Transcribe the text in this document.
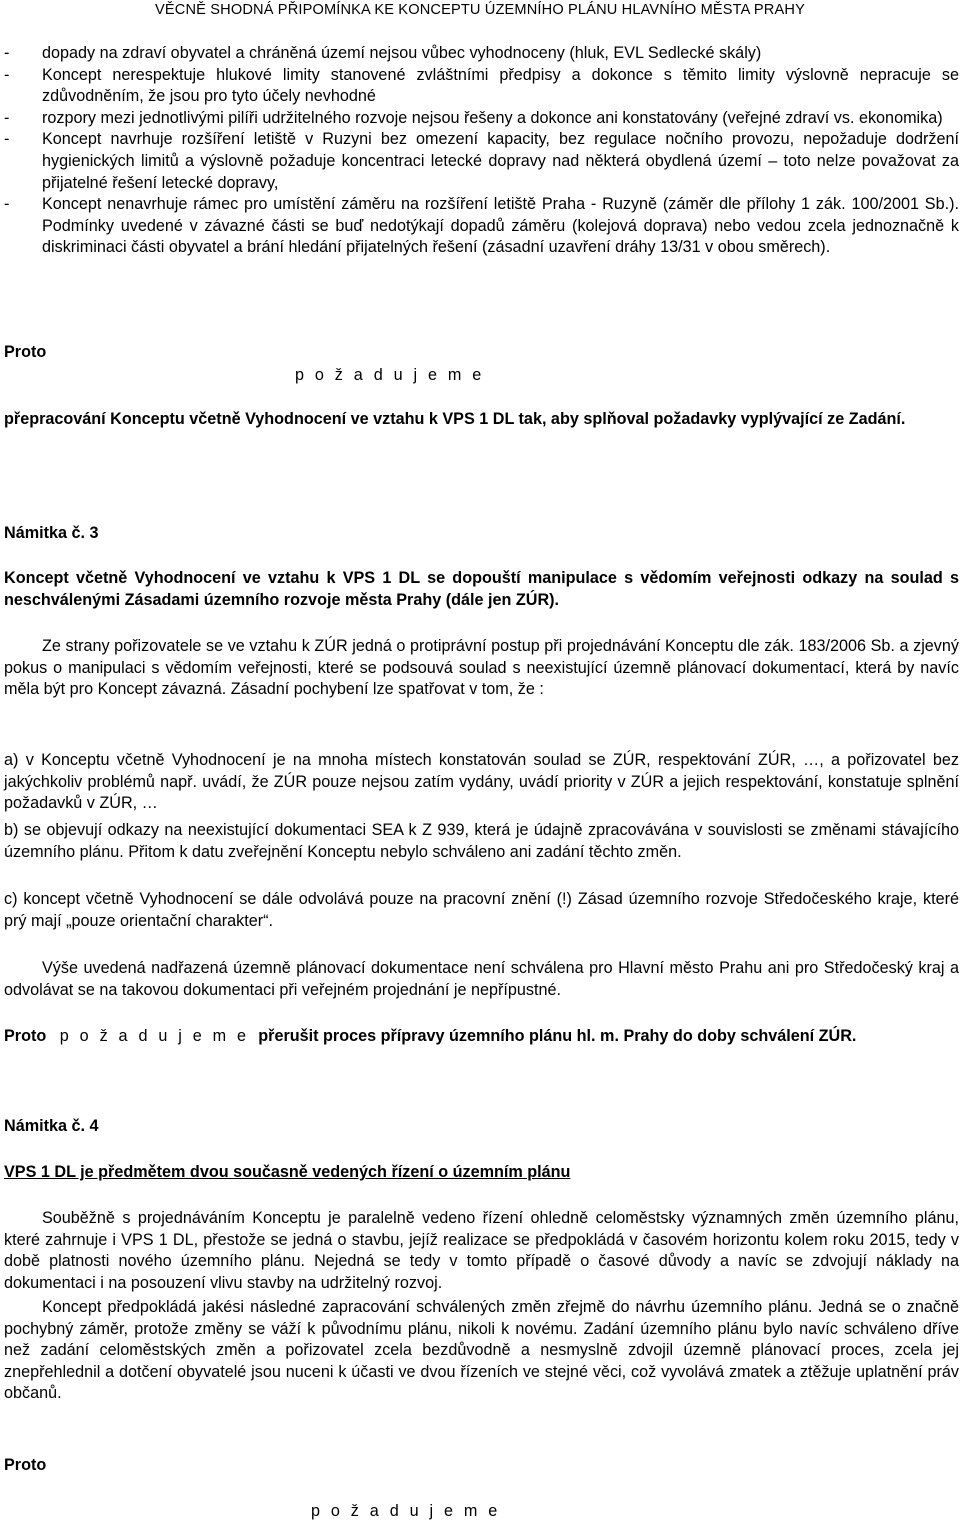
VĚCNĚ SHODNÁ PŘIPOMÍNKA KE KONCEPTU ÚZEMNÍHO PLÁNU HLAVNÍHO MĚSTA PRAHY
- dopady na zdraví obyvatel a chráněná území nejsou vůbec vyhodnoceny (hluk, EVL Sedlecké skály)
- Koncept nerespektuje hlukové limity stanovené zvláštními předpisy a dokonce s těmito limity výslovně nepracuje se zdůvodněním, že jsou pro tyto účely nevhodné
- rozpory mezi jednotlivými pilíři udržitelného rozvoje nejsou řešeny a dokonce ani konstatovány (veřejné zdraví vs. ekonomika)
- Koncept navrhuje rozšíření letiště v Ruzyni bez omezení kapacity, bez regulace nočního provozu, nepožaduje dodržení hygienických limitů a výslovně požaduje koncentraci letecké dopravy nad některá obydlená území – toto nelze považovat za přijatelné řešení letecké dopravy,
- Koncept nenavrhuje rámec pro umístění záměru na rozšíření letiště Praha - Ruzyně (záměr dle přílohy 1 zák. 100/2001 Sb.). Podmínky uvedené v závazné části se buď nedotýkají dopadů záměru (kolejová doprava) nebo vedou zcela jednoznačně k diskriminaci části obyvatel a brání hledání přijatelných řešení (zásadní uzavření dráhy 13/31 v obou směrech).
Proto
p o ž a d u j e m e
přepracování Konceptu včetně Vyhodnocení ve vztahu k VPS 1 DL tak, aby splňoval požadavky vyplývající ze Zadání.
Námitka č. 3
Koncept včetně Vyhodnocení ve vztahu k VPS 1 DL se dopouští manipulace s vědomím veřejnosti odkazy na soulad s neschválenými Zásadami územního rozvoje města Prahy (dále jen ZÚR).
Ze strany pořizovatele se ve vztahu k ZÚR jedná o protiprávní postup při projednávání Konceptu dle zák. 183/2006 Sb. a zjevný pokus o manipulaci s vědomím veřejnosti, které se podsouvá soulad s neexistující územně plánovací dokumentací, která by navíc měla být pro Koncept závazná. Zásadní pochybení lze spatřovat v tom, že :
a) v Konceptu včetně Vyhodnocení je na mnoha místech konstatován soulad se ZÚR, respektování ZÚR, …, a pořizovatel bez jakýchkoliv problémů např. uvádí, že ZÚR pouze nejsou zatím vydány, uvádí priority v ZÚR a jejich respektování, konstatuje splnění požadavků v ZÚR, …
b) se objevují odkazy na neexistující dokumentaci SEA k Z 939, která je údajně zpracovávána v souvislosti se změnami stávajícího územního plánu. Přitom k datu zveřejnění Konceptu nebylo schváleno ani zadání těchto změn.
c) koncept včetně Vyhodnocení se dále odvolává pouze na pracovní znění (!) Zásad územního rozvoje Středočeského kraje, které prý mají „pouze orientační charakter“.
Výše uvedená nadřazená územně plánovací dokumentace není schválena pro Hlavní město Prahu ani pro Středočeský kraj a odvolávat se na takovou dokumentaci při veřejném projednání je nepřípustné.
Proto p o ž a d u j e m e přerušit proces přípravy územního plánu hl. m. Prahy do doby schválení ZÚR.
Námitka č. 4
VPS 1 DL je předmětem dvou současně vedených řízení o územním plánu
Souběžně s projednáváním Konceptu je paralelně vedeno řízení ohledně celoměstsky významných změn územního plánu, které zahrnuje i VPS 1 DL, přestože se jedná o stavbu, jejíž realizace se předpokládá v časovém horizontu kolem roku 2015, tedy v době platnosti nového územního plánu. Nejedná se tedy v tomto případě o časové důvody a navíc se zdvojují náklady na dokumentaci i na posouzení vlivu stavby na udržitelný rozvoj.
Koncept předpokládá jakési následné zapracování schválených změn zřejmě do návrhu územního plánu. Jedná se o značně pochybný záměr, protože změny se váží k původnímu plánu, nikoli k novému. Zadání územního plánu bylo navíc schváleno dříve než zadání celoměstských změn a pořizovatel zcela bezdůvodně a nesmyslně zdvojil územně plánovací proces, zcela jej znepřehlednil a dotčení obyvatelé jsou nuceni k účasti ve dvou řízeních ve stejné věci, což vyvolává zmatek a ztěžuje uplatnění práv občanů.
Proto
p o ž a d u j e m e
